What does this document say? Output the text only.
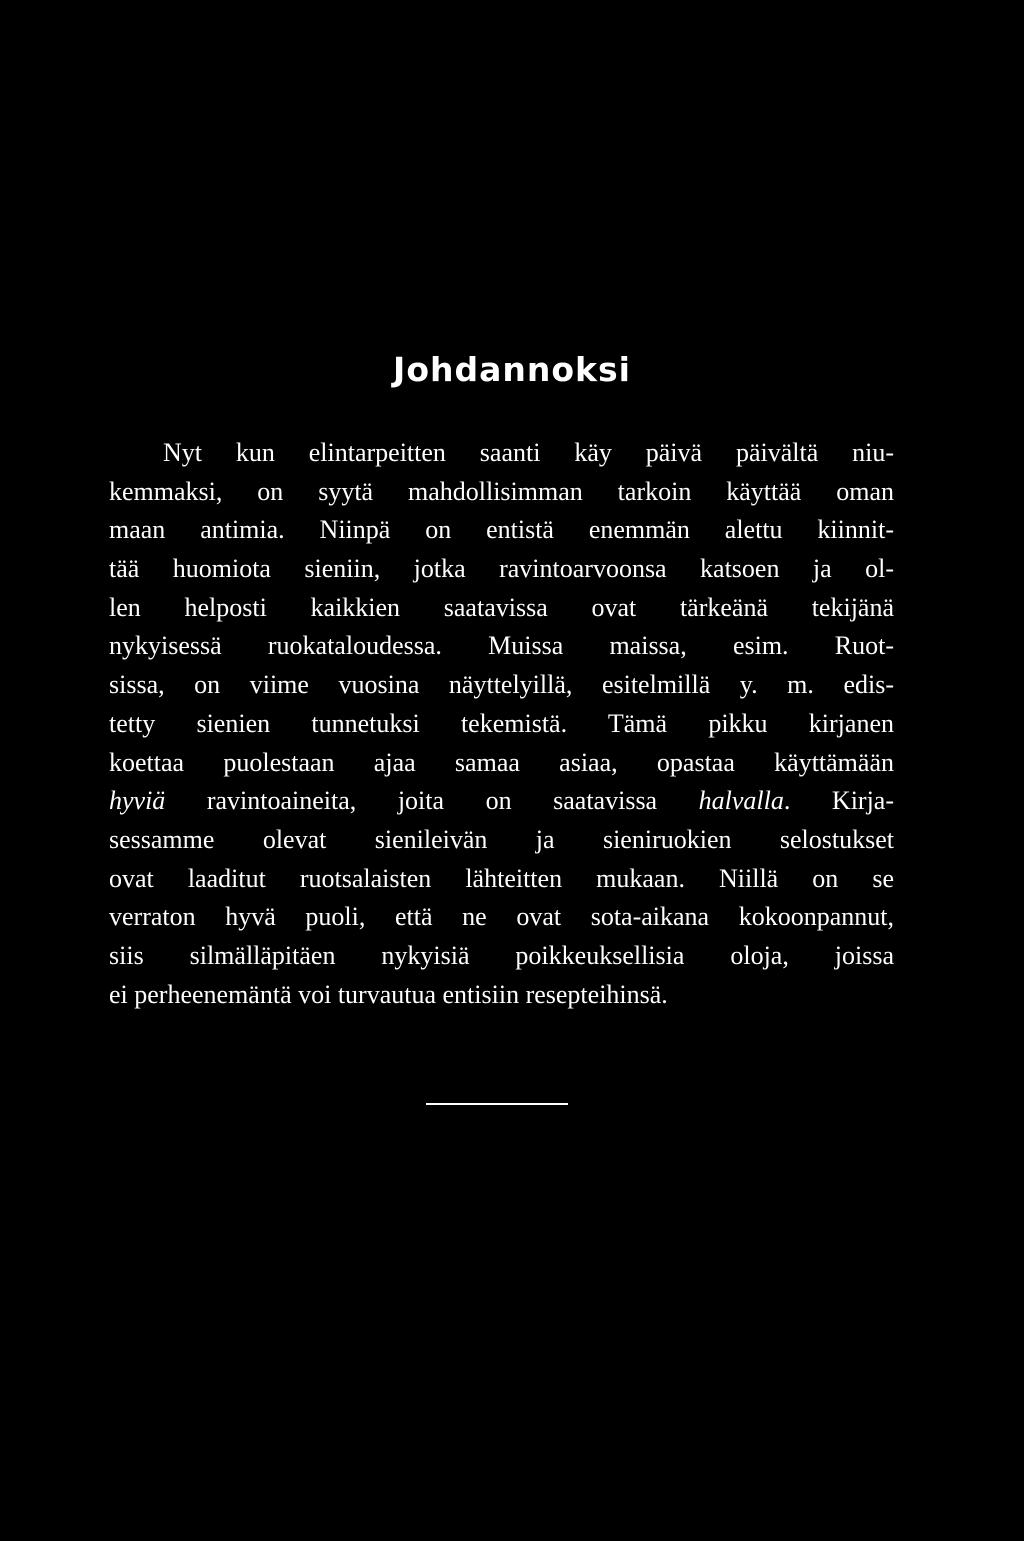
Johdannoksi
Nyt kun elintarpeitten saanti käy päivä päivältä niu-
kemmaksi, on syytä mahdollisimman tarkoin käyttää oman
maan antimia. Niinpä on entistä enemmän alettu kiinnit-
tää huomiota sieniin, jotka ravintoarvoonsa katsoen ja ol-
len helposti kaikkien saatavissa ovat tärkeänä tekijänä
nykyisessä ruokataloudessa. Muissa maissa, esim. Ruot-
sissa, on viime vuosina näyttelyillä, esitelmillä y. m. edis-
tetty sienien tunnetuksi tekemistä. Tämä pikku kirjanen
koettaa puolestaan ajaa samaa asiaa, opastaa käyttämään
hyviä ravintoaineita, joita on saatavissa halvalla. Kirja-
sessamme olevat sienileivän ja sieniruokien selostukset
ovat laaditut ruotsalaisten lähteitten mukaan. Niillä on se
verraton hyvä puoli, että ne ovat sota-aikana kokoonpannut,
siis silmälläpitäen nykyisiä poikkeuksellisia oloja, joissa
ei perheenemäntä voi turvautua entisiin resepteihinsä.
